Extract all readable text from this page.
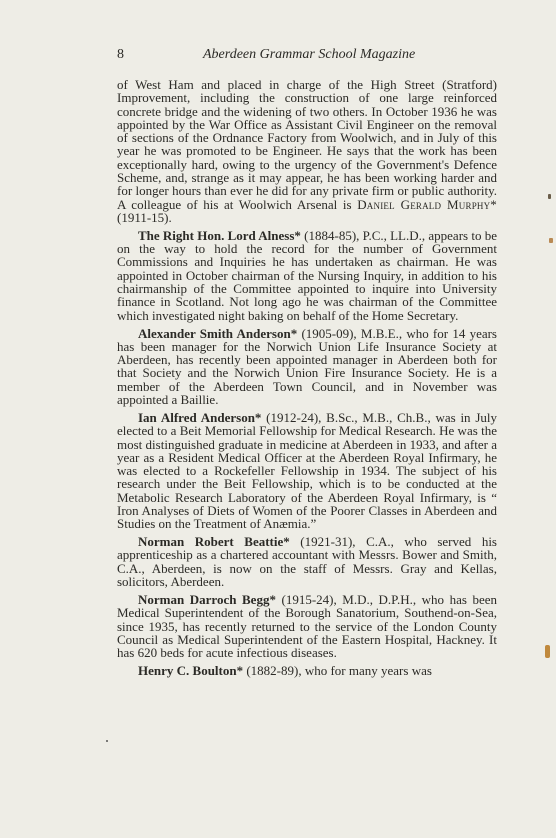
8	Aberdeen Grammar School Magazine

of West Ham and placed in charge of the High Street (Stratford) Improvement, including the construction of one large reinforced concrete bridge and the widening of two others. In October 1936 he was appointed by the War Office as Assistant Civil Engineer on the removal of sections of the Ordnance Factory from Woolwich, and in July of this year he was promoted to be Engineer. He says that the work has been exceptionally hard, owing to the urgency of the Government's Defence Scheme, and, strange as it may appear, he has been working harder and for longer hours than ever he did for any private firm or public authority. A colleague of his at Woolwich Arsenal is Daniel Gerald Murphy* (1911-15).

The Right Hon. Lord Alness* (1884-85), P.C., LL.D., appears to be on the way to hold the record for the number of Government Commissions and Inquiries he has undertaken as chairman. He was appointed in October chairman of the Nursing Inquiry, in addition to his chairmanship of the Committee appointed to inquire into University finance in Scotland. Not long ago he was chairman of the Committee which investigated night baking on behalf of the Home Secretary.

Alexander Smith Anderson* (1905-09), M.B.E., who for 14 years has been manager for the Norwich Union Life Insurance Society at Aberdeen, has recently been appointed manager in Aberdeen both for that Society and the Norwich Union Fire Insurance Society. He is a member of the Aberdeen Town Council, and in November was appointed a Baillie.

Ian Alfred Anderson* (1912-24), B.Sc., M.B., Ch.B., was in July elected to a Beit Memorial Fellowship for Medical Research. He was the most distinguished graduate in medicine at Aberdeen in 1933, and after a year as a Resident Medical Officer at the Aberdeen Royal Infirmary, he was elected to a Rockefeller Fellowship in 1934. The subject of his research under the Beit Fellowship, which is to be conducted at the Metabolic Research Laboratory of the Aberdeen Royal Infirmary, is “ Iron Analyses of Diets of Women of the Poorer Classes in Aberdeen and Studies on the Treatment of Anæmia.”

Norman Robert Beattie* (1921-31), C.A., who served his apprenticeship as a chartered accountant with Messrs. Bower and Smith, C.A., Aberdeen, is now on the staff of Messrs. Gray and Kellas, solicitors, Aberdeen.

Norman Darroch Begg* (1915-24), M.D., D.P.H., who has been Medical Superintendent of the Borough Sanatorium, Southend-on-Sea, since 1935, has recently returned to the service of the London County Council as Medical Superintendent of the Eastern Hospital, Hackney. It has 620 beds for acute infectious diseases.

Henry C. Boulton* (1882-89), who for many years was
